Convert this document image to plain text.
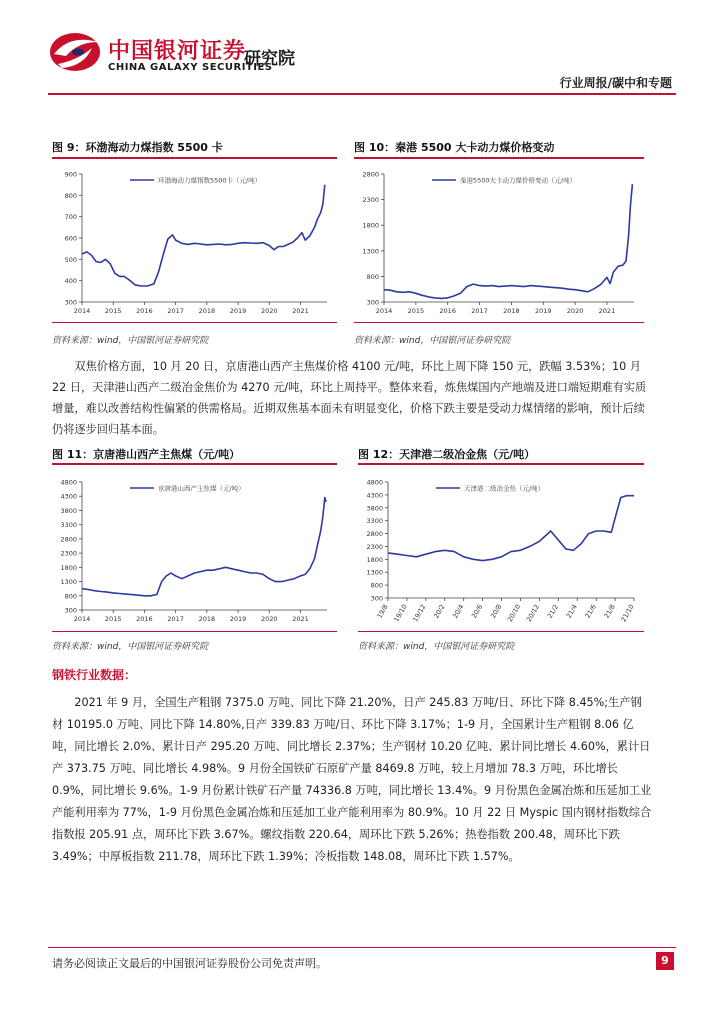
中国银河证券
CHINA GALAXY SECURITIES
研究院
行业周报/碳中和专题
图 9：环渤海动力煤指数 5500 卡	图 10：秦港 5500 大卡动力煤价格变动
900
800
700
600
500
400
300
2014 2015 2016 2017 2018 2019 2020 2021
环渤海动力煤指数5500卡（元/吨）
2800
2300
1800
1300
800
300
2014 2015 2016 2017 2018 2019 2020 2021
秦港5500大卡动力煤价格变动（元/吨）
资料来源：wind，中国银河证券研究院	资料来源：wind，中国银河证券研究院

双焦价格方面，10 月 20 日，京唐港山西产主焦煤价格 4100 元/吨，环比上周下降 150 元，跌幅 3.53%；10 月 22 日，天津港山西产二级冶金焦价为 4270 元/吨，环比上周持平。整体来看，炼焦煤国内产地端及进口端短期难有实质增量，难以改善结构性偏紧的供需格局。近期双焦基本面未有明显变化，价格下跌主要是受动力煤情绪的影响，预计后续仍将逐步回归基本面。

图 11：京唐港山西产主焦煤（元/吨）	图 12：天津港二级冶金焦（元/吨）
4800
4300
3800
3300
2800
2300
1800
1300
800
300
2014 2015 2016 2017 2018 2019 2020 2021
京唐港山西产主焦煤（元/吨）
4800
4300
3800
3300
2800
2300
1800
1300
800
300
19/8 19/10 19/12 20/2 20/4 20/6 20/8 20/10 20/12 21/2 21/4 21/6 21/8 21/10
天津港二级冶金焦（元/吨）
资料来源：wind，中国银河证券研究院	资料来源：wind，中国银河证券研究院
钢铁行业数据：

2021 年 9 月，全国生产粗钢 7375.0 万吨、同比下降 21.20%，日产 245.83 万吨/日、环比下降 8.45%;生产钢材 10195.0 万吨、同比下降 14.80%,日产 339.83 万吨/日、环比下降 3.17%；1-9 月，全国累计生产粗钢 8.06 亿吨，同比增长 2.0%、累计日产 295.20 万吨、同比增长 2.37%；生产钢材 10.20 亿吨、累计同比增长 4.60%，累计日产 373.75 万吨、同比增长 4.98%。9 月份全国铁矿石原矿产量 8469.8 万吨，较上月增加 78.3 万吨，环比增长 0.9%，同比增长 9.6%。1-9 月份累计铁矿石产量 74336.8 万吨，同比增长 13.4%。9 月份黑色金属冶炼和压延加工业产能利用率为 77%，1-9 月份黑色金属冶炼和压延加工业产能利用率为 80.9%。10 月 22 日 Myspic 国内钢材指数综合指数报 205.91 点，周环比下跌 3.67%。螺纹指数 220.64，周环比下跌 5.26%；热卷指数 200.48，周环比下跌 3.49%；中厚板指数 211.78，周环比下跌 1.39%；冷板指数 148.08，周环比下跌 1.57%。

请务必阅读正文最后的中国银河证券股份公司免责声明。	9
